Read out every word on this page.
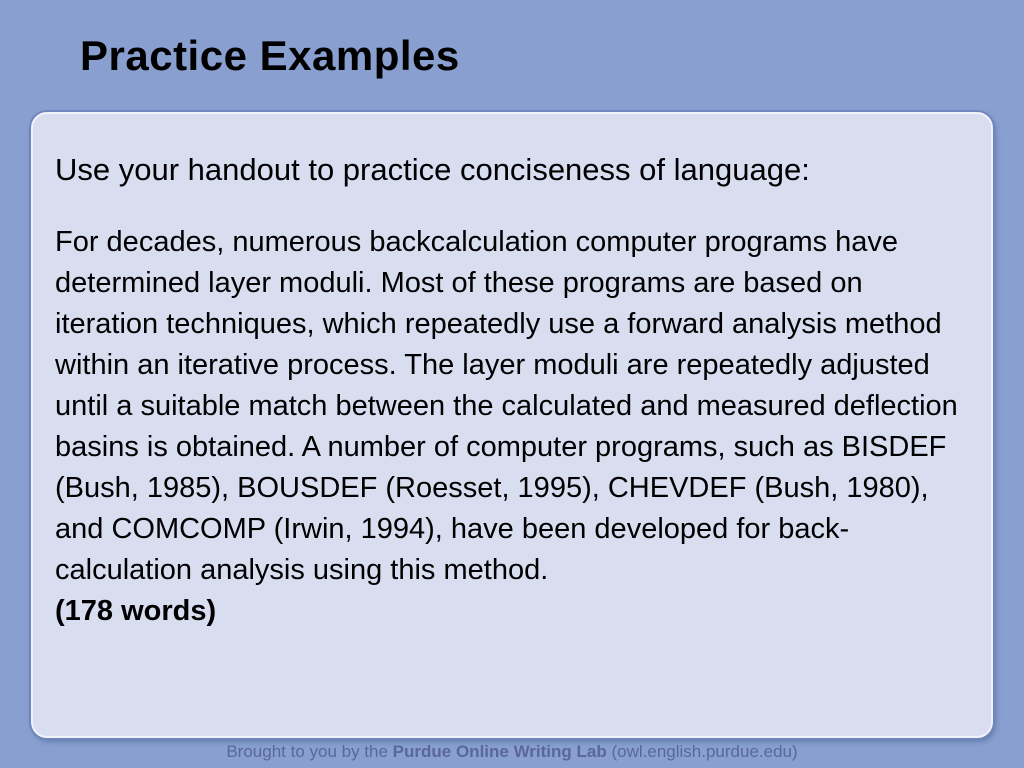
Practice Examples

Use your handout to practice conciseness of language:

For decades, numerous backcalculation computer programs have determined layer moduli. Most of these programs are based on iteration techniques, which repeatedly use a forward analysis method within an iterative process. The layer moduli are repeatedly adjusted until a suitable match between the calculated and measured deflection basins is obtained. A number of computer programs, such as BISDEF (Bush, 1985), BOUSDEF (Roesset, 1995), CHEVDEF (Bush, 1980), and COMCOMP (Irwin, 1994), have been developed for back-calculation analysis using this method.
(178 words)

Brought to you by the Purdue Online Writing Lab (owl.english.purdue.edu)
